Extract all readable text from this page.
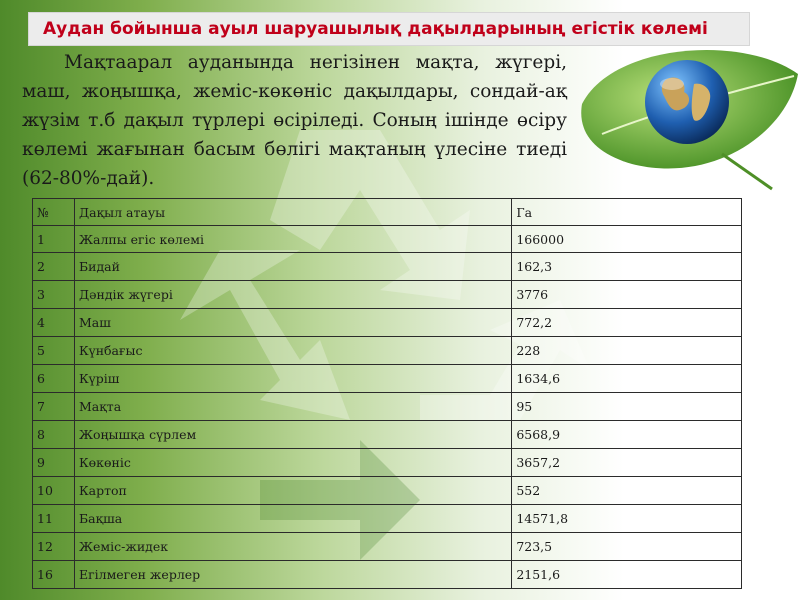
Аудан бойынша ауыл шаруашылық дақылдарының егістік көлемі

Мақтаарал ауданында негізінен мақта, жүгері, маш, жоңышқа, жеміс-көкөніс дақылдары, сондай-ақ жүзім т.б дақыл түрлері өсіріледі. Соның ішінде өсіру көлемі жағынан басым бөлігі мақтаның үлесіне тиеді (62-80%-дай).

№	Дақыл атауы	Га
1	Жалпы егіс көлемі	166000
2	Бидай	162,3
3	Дәндік жүгері	3776
4	Маш	772,2
5	Күнбағыс	228
6	Күріш	1634,6
7	Мақта	95
8	Жоңышқа сүрлем	6568,9
9	Көкөніс	3657,2
10	Картоп	552
11	Бақша	14571,8
12	Жеміс-жидек	723,5
16	Егілмеген жерлер	2151,6
